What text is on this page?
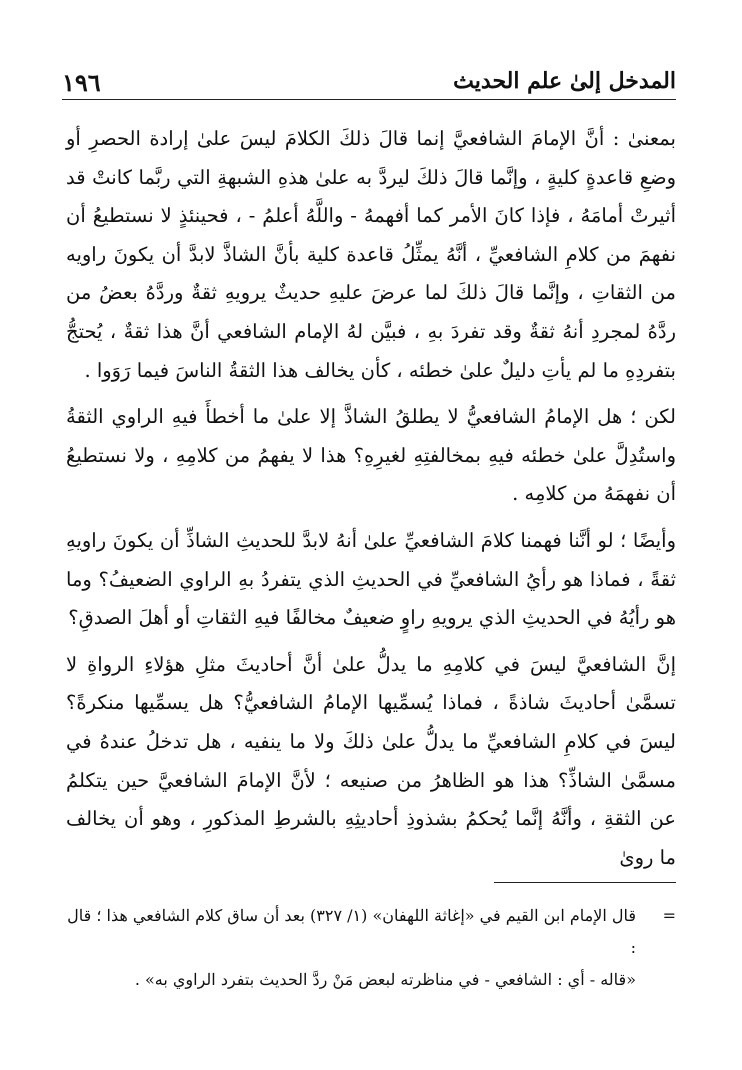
١٩٦	المدخل إلىٰ علم الحديث

بمعنىٰ : أنَّ الإمامَ الشافعيَّ إنما قالَ ذلكَ الكلامَ ليسَ علىٰ إرادة الحصرِ أو وضعِ قاعدةٍ كليةٍ ، وإنَّما قالَ ذلكَ ليردَّ به علىٰ هذهِ الشبهةِ التي ربَّما كانتْ قد أثيرتْ أمامَهُ ، فإذا كانَ الأمر كما أفهمهُ - واللَّهُ أعلمُ - ، فحينئذٍ لا نستطيعُ أن نفهمَ من كلامِ الشافعيِّ ، أنَّهُ يمثِّلُ قاعدة كلية بأنَّ الشاذَّ لابدَّ أن يكونَ راويه من الثقاتِ ، وإنَّما قالَ ذلكَ لما عرضَ عليهِ حديثٌ يرويهِ ثقةٌ وردَّهُ بعضُ من ردَّهُ لمجردِ أنهُ ثقةٌ وقد تفردَ بهِ ، فبيَّن لهُ الإمام الشافعي أنَّ هذا ثقةٌ ، يُحتجُّ بتفردِهِ ما لم يأتِ دليلٌ علىٰ خطئه ، كأن يخالف هذا الثقةُ الناسَ فيما رَوَوا .

لكن ؛ هل الإمامُ الشافعيُّ لا يطلقُ الشاذَّ إلا علىٰ ما أخطأَ فيهِ الراوي الثقةُ واستُدِلَّ علىٰ خطئه فيهِ بمخالفتِهِ لغيرِهِ؟ هذا لا يفهمُ من كلامِهِ ، ولا نستطيعُ أن نفهمَهُ من كلامِه .

وأيضًا ؛ لو أنَّنا فهمنا كلامَ الشافعيِّ علىٰ أنهُ لابدَّ للحديثِ الشاذِّ أن يكونَ راويهِ ثقةً ، فماذا هو رأيُ الشافعيِّ في الحديثِ الذي يتفردُ بهِ الراوي الضعيفُ؟ وما هو رأيُهُ في الحديثِ الذي يرويهِ راوٍ ضعيفٌ مخالفًا فيهِ الثقاتِ أو أهلَ الصدقِ؟

إنَّ الشافعيَّ ليسَ في كلامِهِ ما يدلُّ علىٰ أنَّ أحاديثَ مثلِ هؤلاءِ الرواةِ لا تسمَّىٰ أحاديثَ شاذةً ، فماذا يُسمِّيها الإمامُ الشافعيُّ؟ هل يسمِّيها منكرةً؟ ليسَ في كلامِ الشافعيِّ ما يدلُّ علىٰ ذلكَ ولا ما ينفيه ، هل تدخلُ عندهُ في مسمَّىٰ الشاذِّ؟ هذا هو الظاهرُ من صنيعه ؛ لأنَّ الإمامَ الشافعيَّ حين يتكلمُ عن الثقةِ ، وأنَّهُ إنَّما يُحكمُ بشذوذِ أحاديثِهِ بالشرطِ المذكورِ ، وهو أن يخالف ما روىٰ

=
قال الإمام ابن القيم في «إغاثة اللهفان» (١/ ٣٢٧) بعد أن ساق كلام الشافعي هذا ؛ قال :
«قاله - أي : الشافعي - في مناظرته لبعض مَنْ ردَّ الحديث بتفرد الراوي به» .
